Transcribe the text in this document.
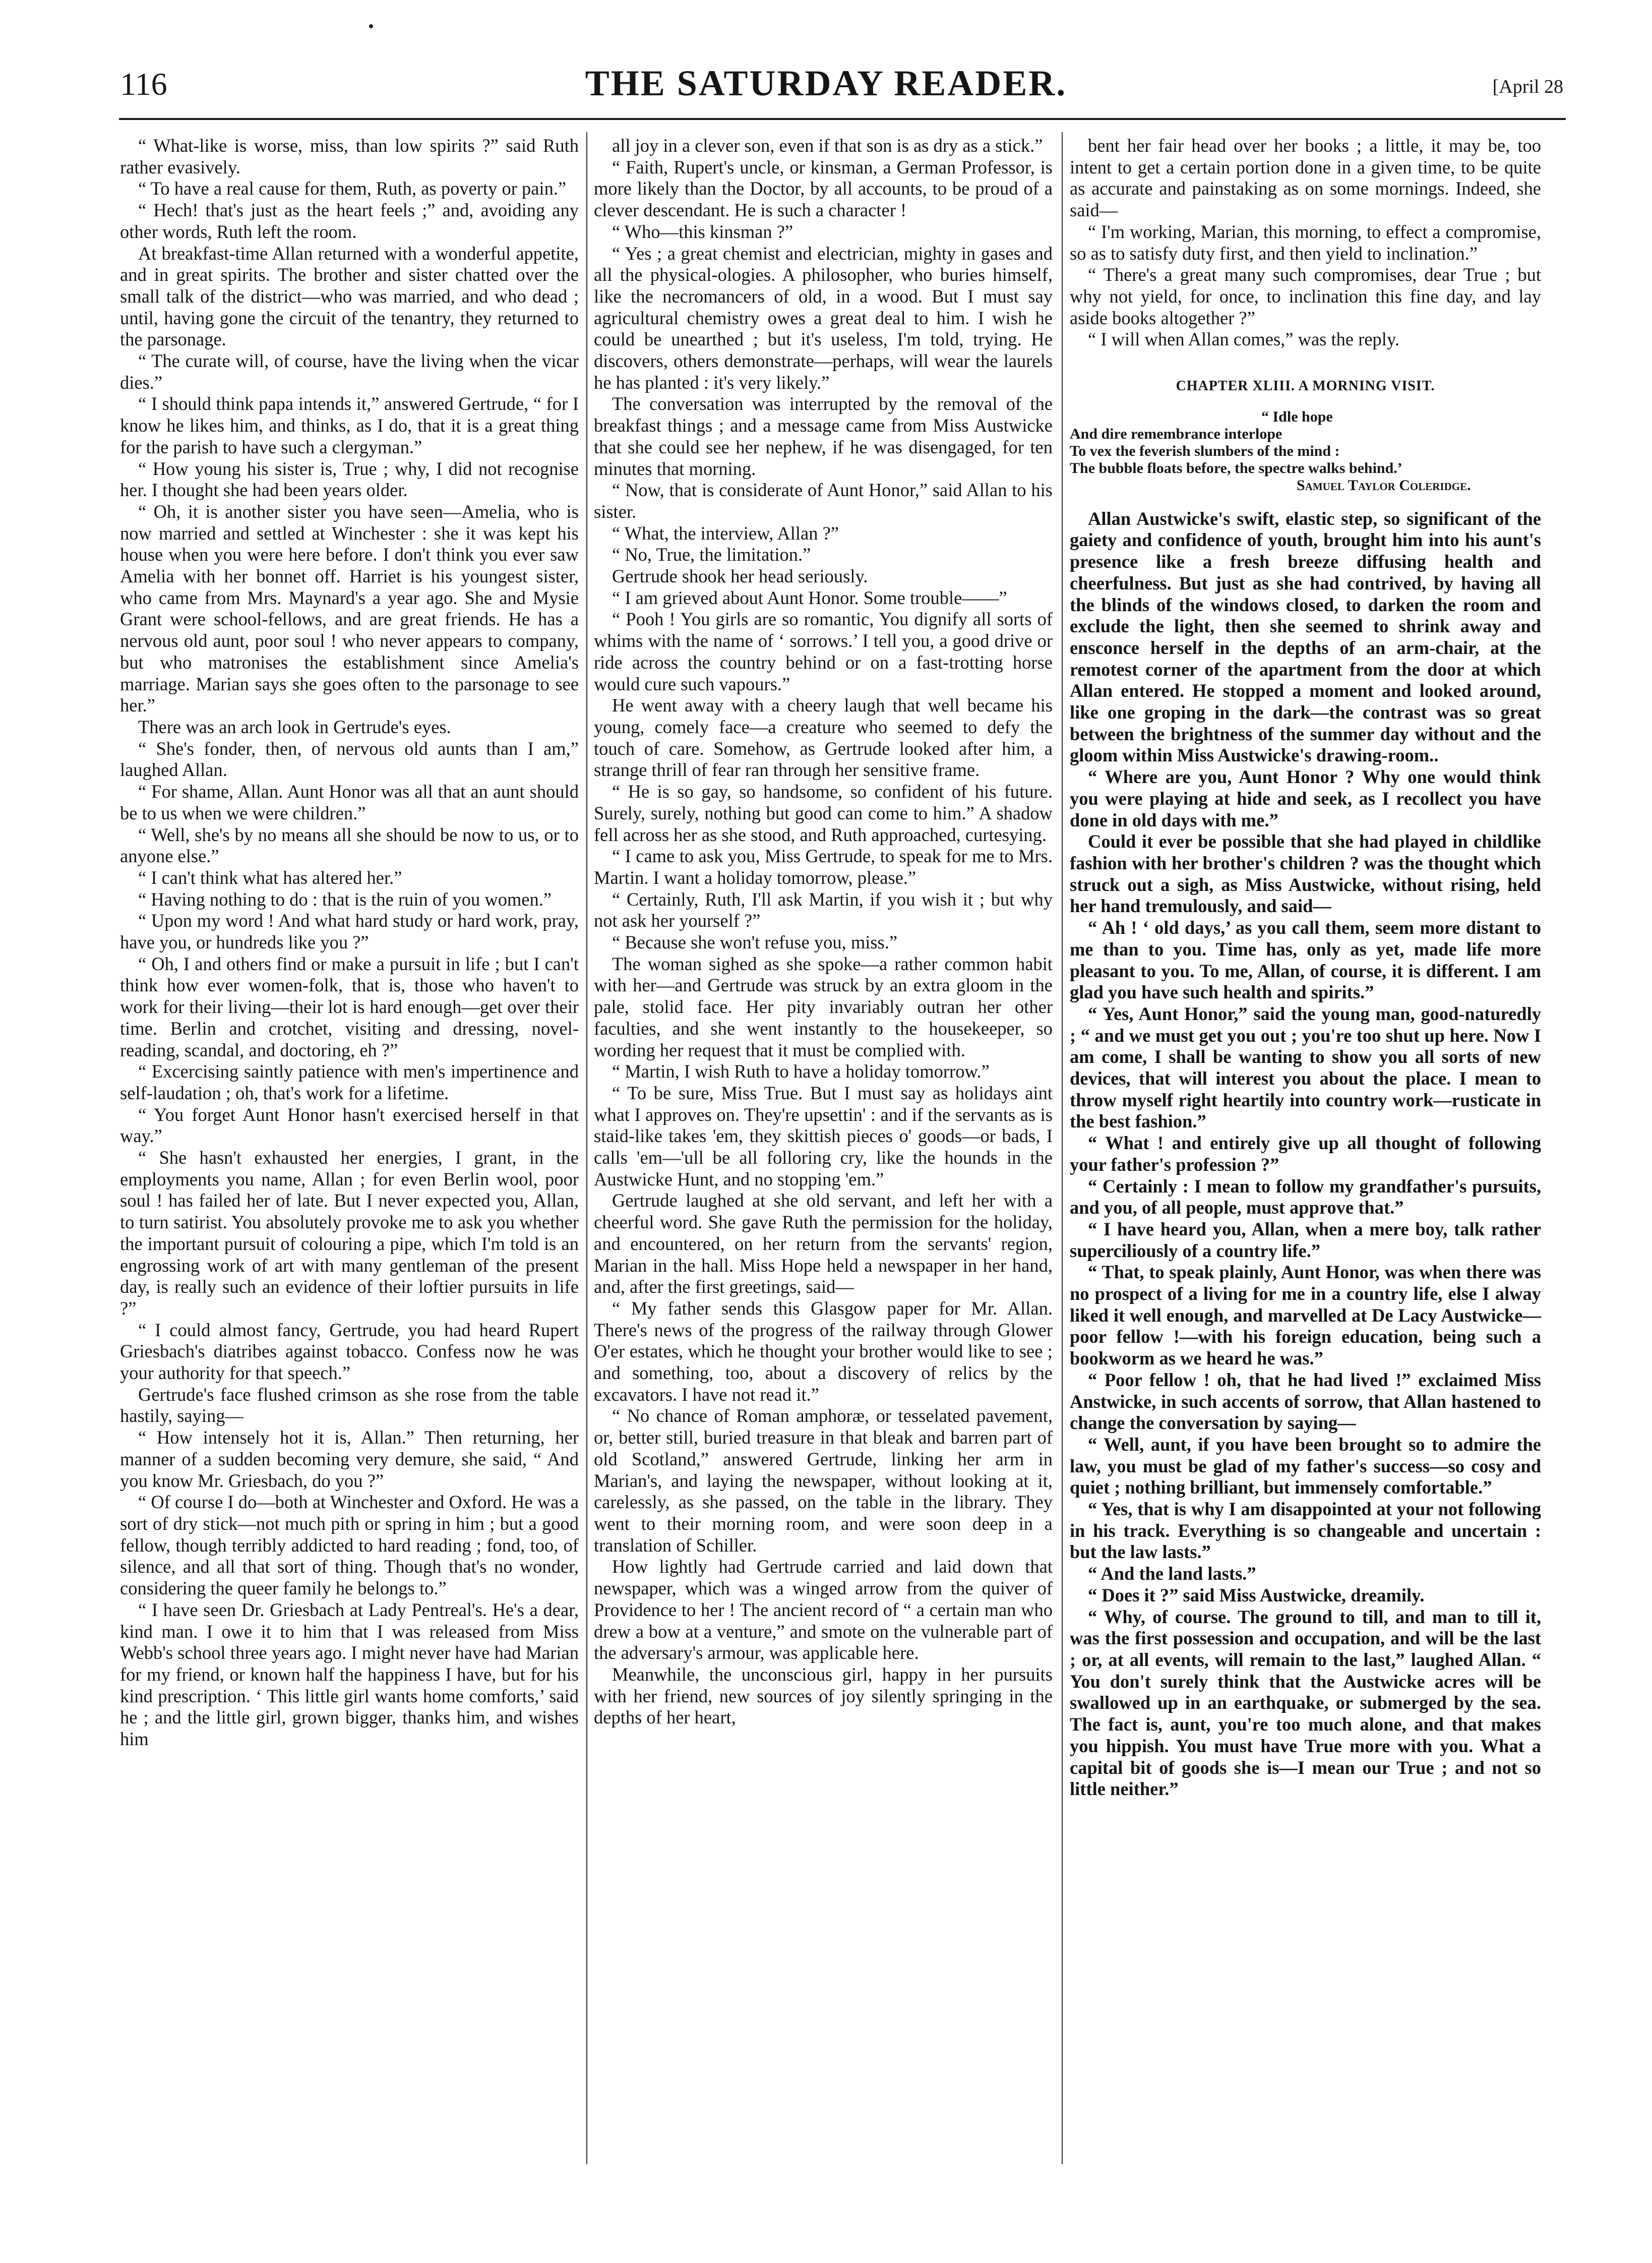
116	THE SATURDAY READER.	[April 28

“ What-like is worse, miss, than low spirits ?” said Ruth rather evasively.

“ To have a real cause for them, Ruth, as poverty or pain.”

“ Hech! that's just as the heart feels ;” and, avoiding any other words, Ruth left the room.

At breakfast-time Allan returned with a wonderful appetite, and in great spirits. The brother and sister chatted over the small talk of the district—who was married, and who dead ; until, having gone the circuit of the tenantry, they returned to the parsonage.

“ The curate will, of course, have the living when the vicar dies.”

“ I should think papa intends it,” answered Gertrude, “ for I know he likes him, and thinks, as I do, that it is a great thing for the parish to have such a clergyman.”

“ How young his sister is, True ; why, I did not recognise her. I thought she had been years older.

“ Oh, it is another sister you have seen—Amelia, who is now married and settled at Winchester : she it was kept his house when you were here before. I don't think you ever saw Amelia with her bonnet off. Harriet is his youngest sister, who came from Mrs. Maynard's a year ago. She and Mysie Grant were school-fellows, and are great friends. He has a nervous old aunt, poor soul ! who never appears to company, but who matronises the establishment since Amelia's marriage. Marian says she goes often to the parsonage to see her.”

There was an arch look in Gertrude's eyes.

“ She's fonder, then, of nervous old aunts than I am,” laughed Allan.

“ For shame, Allan. Aunt Honor was all that an aunt should be to us when we were children.”

“ Well, she's by no means all she should be now to us, or to anyone else.”

“ I can't think what has altered her.”

“ Having nothing to do : that is the ruin of you women.”

“ Upon my word ! And what hard study or hard work, pray, have you, or hundreds like you ?”

“ Oh, I and others find or make a pursuit in life ; but I can't think how ever women-folk, that is, those who haven't to work for their living—their lot is hard enough—get over their time. Berlin and crotchet, visiting and dressing, novel-reading, scandal, and doctoring, eh ?”

“ Excercising saintly patience with men's impertinence and self-laudation ; oh, that's work for a lifetime.

“ You forget Aunt Honor hasn't exercised herself in that way.”

“ She hasn't exhausted her energies, I grant, in the employments you name, Allan ; for even Berlin wool, poor soul ! has failed her of late. But I never expected you, Allan, to turn satirist. You absolutely provoke me to ask you whether the important pursuit of colouring a pipe, which I'm told is an engrossing work of art with many gentleman of the present day, is really such an evidence of their loftier pursuits in life ?”

“ I could almost fancy, Gertrude, you had heard Rupert Griesbach's diatribes against tobacco. Confess now he was your authority for that speech.”

Gertrude's face flushed crimson as she rose from the table hastily, saying—

“ How intensely hot it is, Allan.” Then returning, her manner of a sudden becoming very demure, she said, “ And you know Mr. Griesbach, do you ?”

“ Of course I do—both at Winchester and Oxford. He was a sort of dry stick—not much pith or spring in him ; but a good fellow, though terribly addicted to hard reading ; fond, too, of silence, and all that sort of thing. Though that's no wonder, considering the queer family he belongs to.”

“ I have seen Dr. Griesbach at Lady Pentreal's. He's a dear, kind man. I owe it to him that I was released from Miss Webb's school three years ago. I might never have had Marian for my friend, or known half the happiness I have, but for his kind prescription. ‘ This little girl wants home comforts,’ said he ; and the little girl, grown bigger, thanks him, and wishes him

all joy in a clever son, even if that son is as dry as a stick.”

“ Faith, Rupert's uncle, or kinsman, a German Professor, is more likely than the Doctor, by all accounts, to be proud of a clever descendant. He is such a character !

“ Who—this kinsman ?”

“ Yes ; a great chemist and electrician, mighty in gases and all the physical-ologies. A philosopher, who buries himself, like the necromancers of old, in a wood. But I must say agricultural chemistry owes a great deal to him. I wish he could be unearthed ; but it's useless, I'm told, trying. He discovers, others demonstrate—perhaps, will wear the laurels he has planted : it's very likely.”

The conversation was interrupted by the removal of the breakfast things ; and a message came from Miss Austwicke that she could see her nephew, if he was disengaged, for ten minutes that morning.

“ Now, that is considerate of Aunt Honor,” said Allan to his sister.

“ What, the interview, Allan ?”

“ No, True, the limitation.”

Gertrude shook her head seriously.

“ I am grieved about Aunt Honor. Some trouble——”

“ Pooh ! You girls are so romantic, You dignify all sorts of whims with the name of ‘ sorrows.’ I tell you, a good drive or ride across the country behind or on a fast-trotting horse would cure such vapours.”

He went away with a cheery laugh that well became his young, comely face—a creature who seemed to defy the touch of care. Somehow, as Gertrude looked after him, a strange thrill of fear ran through her sensitive frame.

“ He is so gay, so handsome, so confident of his future. Surely, surely, nothing but good can come to him.” A shadow fell across her as she stood, and Ruth approached, curtesying.

“ I came to ask you, Miss Gertrude, to speak for me to Mrs. Martin. I want a holiday tomorrow, please.”

“ Certainly, Ruth, I'll ask Martin, if you wish it ; but why not ask her yourself ?”

“ Because she won't refuse you, miss.”

The woman sighed as she spoke—a rather common habit with her—and Gertrude was struck by an extra gloom in the pale, stolid face. Her pity invariably outran her other faculties, and she went instantly to the housekeeper, so wording her request that it must be complied with.

“ Martin, I wish Ruth to have a holiday tomorrow.”

“ To be sure, Miss True. But I must say as holidays aint what I approves on. They're upsettin' : and if the servants as is staid-like takes 'em, they skittish pieces o' goods—or bads, I calls 'em—'ull be all folloring cry, like the hounds in the Austwicke Hunt, and no stopping 'em.”

Gertrude laughed at she old servant, and left her with a cheerful word. She gave Ruth the permission for the holiday, and encountered, on her return from the servants' region, Marian in the hall. Miss Hope held a newspaper in her hand, and, after the first greetings, said—

“ My father sends this Glasgow paper for Mr. Allan. There's news of the progress of the railway through Glower O'er estates, which he thought your brother would like to see ; and something, too, about a discovery of relics by the excavators. I have not read it.”

“ No chance of Roman amphoræ, or tesselated pavement, or, better still, buried treasure in that bleak and barren part of old Scotland,” answered Gertrude, linking her arm in Marian's, and laying the newspaper, without looking at it, carelessly, as she passed, on the table in the library. They went to their morning room, and were soon deep in a translation of Schiller.

How lightly had Gertrude carried and laid down that newspaper, which was a winged arrow from the quiver of Providence to her ! The ancient record of “ a certain man who drew a bow at a venture,” and smote on the vulnerable part of the adversary's armour, was applicable here.

Meanwhile, the unconscious girl, happy in her pursuits with her friend, new sources of joy silently springing in the depths of her heart,

bent her fair head over her books ; a little, it may be, too intent to get a certain portion done in a given time, to be quite as accurate and painstaking as on some mornings. Indeed, she said—

“ I'm working, Marian, this morning, to effect a compromise, so as to satisfy duty first, and then yield to inclination.”

“ There's a great many such compromises, dear True ; but why not yield, for once, to inclination this fine day, and lay aside books altogether ?”

“ I will when Allan comes,” was the reply.

CHAPTER XLIII. A MORNING VISIT.
“ Idle hope
And dire remembrance interlope
To vex the feverish slumbers of the mind :
The bubble floats before, the spectre walks behind.’
Samuel Taylor Coleridge.

Allan Austwicke's swift, elastic step, so significant of the gaiety and confidence of youth, brought him into his aunt's presence like a fresh breeze diffusing health and cheerfulness. But just as she had contrived, by having all the blinds of the windows closed, to darken the room and exclude the light, then she seemed to shrink away and ensconce herself in the depths of an arm-chair, at the remotest corner of the apartment from the door at which Allan entered. He stopped a moment and looked around, like one groping in the dark—the contrast was so great between the brightness of the summer day without and the gloom within Miss Austwicke's drawing-room..

“ Where are you, Aunt Honor ? Why one would think you were playing at hide and seek, as I recollect you have done in old days with me.”

Could it ever be possible that she had played in childlike fashion with her brother's children ? was the thought which struck out a sigh, as Miss Austwicke, without rising, held her hand tremulously, and said—

“ Ah ! ‘ old days,’ as you call them, seem more distant to me than to you. Time has, only as yet, made life more pleasant to you. To me, Allan, of course, it is different. I am glad you have such health and spirits.”

“ Yes, Aunt Honor,” said the young man, good-naturedly ; “ and we must get you out ; you're too shut up here. Now I am come, I shall be wanting to show you all sorts of new devices, that will interest you about the place. I mean to throw myself right heartily into country work—rusticate in the best fashion.”

“ What ! and entirely give up all thought of following your father's profession ?”

“ Certainly : I mean to follow my grandfather's pursuits, and you, of all people, must approve that.”

“ I have heard you, Allan, when a mere boy, talk rather superciliously of a country life.”

“ That, to speak plainly, Aunt Honor, was when there was no prospect of a living for me in a country life, else I alway liked it well enough, and marvelled at De Lacy Austwicke—poor fellow !—with his foreign education, being such a bookworm as we heard he was.”

“ Poor fellow ! oh, that he had lived !” exclaimed Miss Anstwicke, in such accents of sorrow, that Allan hastened to change the conversation by saying—

“ Well, aunt, if you have been brought so to admire the law, you must be glad of my father's success—so cosy and quiet ; nothing brilliant, but immensely comfortable.”

“ Yes, that is why I am disappointed at your not following in his track. Everything is so changeable and uncertain : but the law lasts.”

“ And the land lasts.”

“ Does it ?” said Miss Austwicke, dreamily.

“ Why, of course. The ground to till, and man to till it, was the first possession and occupation, and will be the last ; or, at all events, will remain to the last,” laughed Allan. “ You don't surely think that the Austwicke acres will be swallowed up in an earthquake, or submerged by the sea. The fact is, aunt, you're too much alone, and that makes you hippish. You must have True more with you. What a capital bit of goods she is—I mean our True ; and not so little neither.”
